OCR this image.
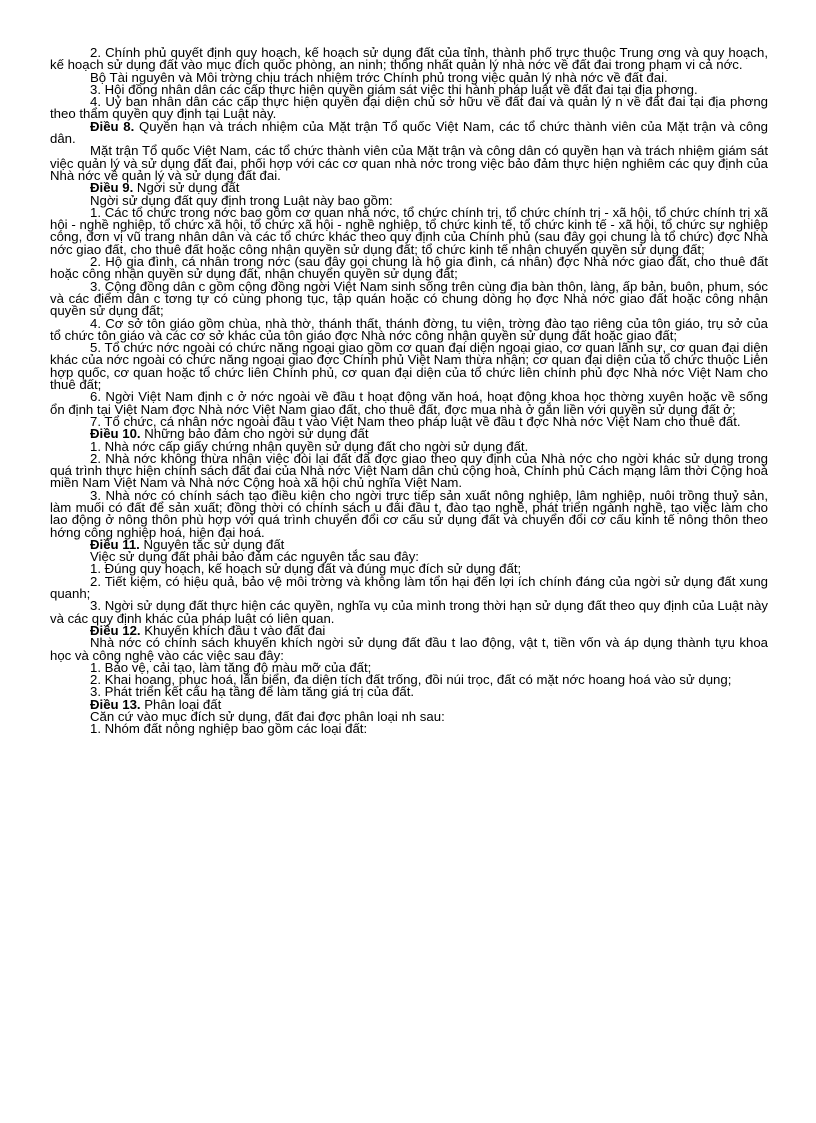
2. Chính phủ quyết định quy hoạch, kế hoạch sử dụng đất của tỉnh, thành phố trực thuộc Trung ơng và quy hoạch, kế hoạch sử dụng đất vào mục đích quốc phòng, an ninh; thống nhất quản lý nhà nớc về đất đai trong phạm vi cả nớc.

Bộ Tài nguyên và Môi trờng chịu trách nhiệm trớc Chính phủ trong việc quản lý nhà nớc về đất đai.

3. Hội đồng nhân dân các cấp thực hiện quyền giám sát việc thi hành pháp luật về đất đai tại địa phơng.

4. Uỷ ban nhân dân các cấp thực hiện quyền đại diện chủ sở hữu về đất đai và quản lý n về đất đai tại địa phơng theo thẩm quyền quy định tại Luật này.

Điều 8. Quyền hạn và trách nhiệm của Mặt trận Tổ quốc Việt Nam, các tổ chức thành viên của Mặt trận và công dân.

Mặt trận Tổ quốc Việt Nam, các tổ chức thành viên của Mặt trận và công dân có quyền hạn và trách nhiệm giám sát việc quản lý và sử dụng đất đai, phối hợp với các cơ quan nhà nớc trong việc bảo đảm thực hiện nghiêm các quy định của Nhà nớc về quản lý và sử dụng đất đai.

Điều 9. Ngời sử dụng đất

Ngời sử dụng đất quy định trong Luật này bao gồm:

1. Các tổ chức trong nớc bao gồm cơ quan nhà nớc, tổ chức chính trị, tổ chức chính trị - xã hội, tổ chức chính trị xã hội - nghề nghiệp, tổ chức xã hội, tổ chức xã hội - nghề nghiệp, tổ chức kinh tế, tổ chức kinh tế - xã hội, tổ chức sự nghiệp công, đơn vị vũ trang nhân dân và các tổ chức khác theo quy định của Chính phủ (sau đây gọi chung là tổ chức) đợc Nhà nớc giao đất, cho thuê đất hoặc công nhận quyền sử dụng đất; tổ chức kinh tế nhận chuyển quyền sử dụng đất;

2. Hộ gia đình, cá nhân trong nớc (sau đây gọi chung là hộ gia đình, cá nhân) đợc Nhà nớc giao đất, cho thuê đất hoặc công nhận quyền sử dụng đất, nhận chuyển quyền sử dụng đất;

3. Cộng đồng dân c gồm cộng đồng ngời Việt Nam sinh sống trên cùng địa bàn thôn, làng, ấp bản, buôn, phum, sóc và các điểm dân c tơng tự có cùng phong tục, tập quán hoặc có chung dòng họ đợc Nhà nớc giao đất hoặc công nhận quyền sử dụng đất;

4. Cơ sở tôn giáo gồm chùa, nhà thờ, thánh thất, thánh đờng, tu viện, trờng đào tạo riêng của tôn giáo, trụ sở của tổ chức tôn giáo và các cơ sở khác của tôn giáo đợc Nhà nớc công nhận quyền sử dụng đất hoặc giao đất;

5. Tổ chức nớc ngoài có chức năng ngoại giao gồm cơ quan đại diện ngoại giao, cơ quan lãnh sự, cơ quan đại diện khác của nớc ngoài có chức năng ngoại giao đợc Chính phủ Việt Nam thừa nhận; cơ quan đại diện của tổ chức thuộc Liên hợp quốc, cơ quan hoặc tổ chức liên Chính phủ, cơ quan đại diện của tổ chức liên chính phủ đợc Nhà nớc Việt Nam cho thuê đất;

6. Ngời Việt Nam định c ở nớc ngoài về đầu t hoạt động văn hoá, hoạt động khoa học thờng xuyên hoặc về sống ổn định tại Việt Nam đợc Nhà nớc Việt Nam giao đất, cho thuê đất, đợc mua nhà ở gắn liền với quyền sử dụng đất ở;

7. Tổ chức, cá nhân nớc ngoài đầu t vào Việt Nam theo pháp luật về đầu t đợc Nhà nớc Việt Nam cho thuê đất.

Điều 10. Những bảo đảm cho ngời sử dụng đất

1. Nhà nớc cấp giấy chứng nhận quyền sử dụng đất cho ngời sử dụng đất.

2. Nhà nớc không thừa nhận việc đòi lại đất đã đợc giao theo quy định của Nhà nớc cho ngời khác sử dụng trong quá trình thực hiện chính sách đất đai của Nhà nớc Việt Nam dân chủ cộng hoà, Chính phủ Cách mạng lâm thời Cộng hoà miền Nam Việt Nam và Nhà nớc Cộng hoà xã hội chủ nghĩa Việt Nam.

3. Nhà nớc có chính sách tạo điều kiện cho ngời trực tiếp sản xuất nông nghiệp, lâm nghiệp, nuôi trồng thuỷ sản, làm muối có đất để sản xuất; đồng thời có chính sách u đãi đầu t, đào tạo nghề, phát triển ngành nghề, tạo việc làm cho lao động ở nông thôn phù hợp với quá trình chuyển đổi cơ cấu sử dụng đất và chuyển đổi cơ cấu kinh tế nông thôn theo hớng công nghiệp hoá, hiện đại hoá.

Điều 11. Nguyên tắc sử dụng đất

Việc sử dụng đất phải bảo đảm các nguyên tắc sau đây:

1. Đúng quy hoạch, kế hoạch sử dụng đất và đúng mục đích sử dụng đất;

2. Tiết kiệm, có hiệu quả, bảo vệ môi trờng và không làm tổn hại đến lợi ích chính đáng của ngời sử dụng đất xung quanh;

3. Ngời sử dụng đất thực hiện các quyền, nghĩa vụ của mình trong thời hạn sử dụng đất theo quy định của Luật này và các quy định khác của pháp luật có liên quan.

Điều 12. Khuyến khích đầu t vào đất đai

Nhà nớc có chính sách khuyến khích ngời sử dụng đất đầu t lao động, vật t, tiền vốn và áp dụng thành tựu khoa học và công nghệ vào các việc sau đây:

1. Bảo vệ, cải tạo, làm tăng độ màu mỡ của đất;

2. Khai hoang, phục hoá, lấn biển, đa diện tích đất trống, đồi núi trọc, đất có mặt nớc hoang hoá vào sử dụng;

3. Phát triển kết cấu hạ tầng để làm tăng giá trị của đất.

Điều 13. Phân loại đất

Căn cứ vào mục đích sử dụng, đất đai đợc phân loại nh sau:

1. Nhóm đất nông nghiệp bao gồm các loại đất:
